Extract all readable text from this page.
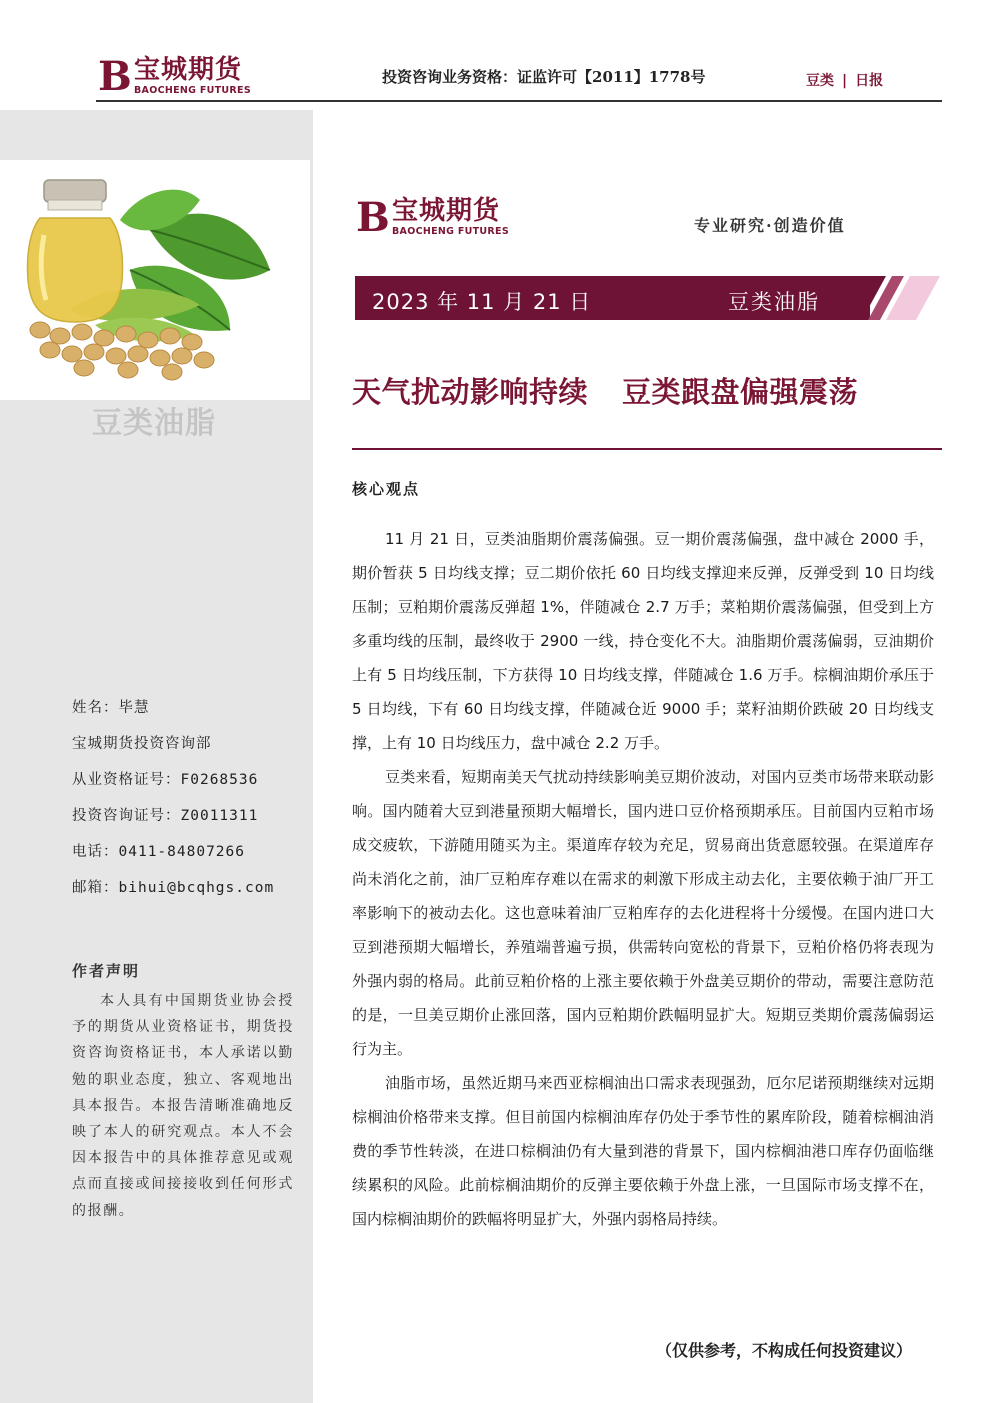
B 宝城期货
BAOCHENG FUTURES
投资咨询业务资格：证监许可【2011】1778号	豆类 | 日报
豆类油脂
姓名：毕慧
宝城期货投资咨询部
从业资格证号：F0268536
投资咨询证号：Z0011311
电话：0411-84807266
邮箱：bihui@bcqhgs.com
作者声明
本人具有中国期货业协会授予的期货从业资格证书，期货投资咨询资格证书，本人承诺以勤勉的职业态度，独立、客观地出具本报告。本报告清晰准确地反映了本人的研究观点。本人不会因本报告中的具体推荐意见或观点而直接或间接接收到任何形式的报酬。
B 宝城期货
BAOCHENG FUTURES	专业研究·创造价值
2023 年 11 月 21 日	豆类油脂
天气扰动影响持续 豆类跟盘偏强震荡
核心观点

11 月 21 日，豆类油脂期价震荡偏强。豆一期价震荡偏强，盘中减仓 2000 手，期价暂获 5 日均线支撑；豆二期价依托 60 日均线支撑迎来反弹，反弹受到 10 日均线压制；豆粕期价震荡反弹超 1%，伴随减仓 2.7 万手；菜粕期价震荡偏强，但受到上方多重均线的压制，最终收于 2900 一线，持仓变化不大。油脂期价震荡偏弱，豆油期价上有 5 日均线压制，下方获得 10 日均线支撑，伴随减仓 1.6 万手。棕榈油期价承压于 5 日均线，下有 60 日均线支撑，伴随减仓近 9000 手；菜籽油期价跌破 20 日均线支撑，上有 10 日均线压力，盘中减仓 2.2 万手。

豆类来看，短期南美天气扰动持续影响美豆期价波动，对国内豆类市场带来联动影响。国内随着大豆到港量预期大幅增长，国内进口豆价格预期承压。目前国内豆粕市场成交疲软，下游随用随买为主。渠道库存较为充足，贸易商出货意愿较强。在渠道库存尚未消化之前，油厂豆粕库存难以在需求的刺激下形成主动去化，主要依赖于油厂开工率影响下的被动去化。这也意味着油厂豆粕库存的去化进程将十分缓慢。在国内进口大豆到港预期大幅增长，养殖端普遍亏损，供需转向宽松的背景下，豆粕价格仍将表现为外强内弱的格局。此前豆粕价格的上涨主要依赖于外盘美豆期价的带动，需要注意防范的是，一旦美豆期价止涨回落，国内豆粕期价跌幅明显扩大。短期豆类期价震荡偏弱运行为主。

油脂市场，虽然近期马来西亚棕榈油出口需求表现强劲，厄尔尼诺预期继续对远期棕榈油价格带来支撑。但目前国内棕榈油库存仍处于季节性的累库阶段，随着棕榈油消费的季节性转淡，在进口棕榈油仍有大量到港的背景下，国内棕榈油港口库存仍面临继续累积的风险。此前棕榈油期价的反弹主要依赖于外盘上涨，一旦国际市场支撑不在，国内棕榈油期价的跌幅将明显扩大，外强内弱格局持续。

（仅供参考，不构成任何投资建议）
